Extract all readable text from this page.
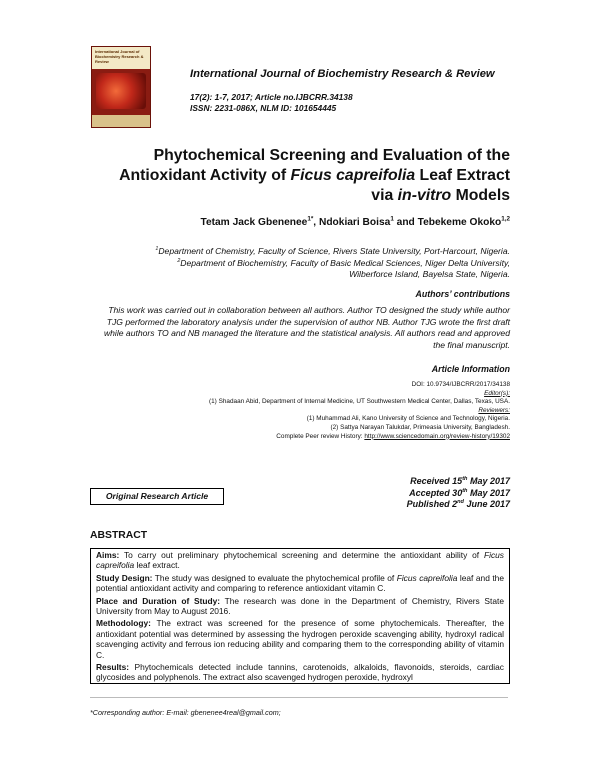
International Journal of Biochemistry Research & Review
International Journal of Biochemistry Research & Review
17(2): 1-7, 2017; Article no.IJBCRR.34138
ISSN: 2231-086X, NLM ID: 101654445
Phytochemical Screening and Evaluation of the
Antioxidant Activity of Ficus capreifolia Leaf Extract
via in-vitro Models
Tetam Jack Gbenenee$^{1*}$, Ndokiari Boisa$^1$ and Tebekeme Okoko$^{1,2}$
$^1$Department of Chemistry, Faculty of Science, Rivers State University, Port-Harcourt, Nigeria.
$^2$Department of Biochemistry, Faculty of Basic Medical Sciences, Niger Delta University,
Wilberforce Island, Bayelsa State, Nigeria.
Authors’ contributions
This work was carried out in collaboration between all authors. Author TO designed the study while author TJG performed the laboratory analysis under the supervision of author NB. Author TJG wrote the first draft while authors TO and NB managed the literature and the statistical analysis. All authors read and approved the final manuscript.
Article Information
DOI: 10.9734/IJBCRR/2017/34138
Editor(s):
(1) Shadaan Abid, Department of Internal Medicine, UT Southwestern Medical Center, Dallas, Texas, USA.
Reviewers:
(1) Muhammad Ali, Kano University of Science and Technology, Nigeria.
(2) Sattya Narayan Talukdar, Primeasia University, Bangladesh.
Complete Peer review History: http://www.sciencedomain.org/review-history/19302
Received 15th May 2017
Accepted 30th May 2017
Published 2nd June 2017
Original Research Article
ABSTRACT

Aims: To carry out preliminary phytochemical screening and determine the antioxidant ability of Ficus capreifolia leaf extract.

Study Design: The study was designed to evaluate the phytochemical profile of Ficus capreifolia leaf and the potential antioxidant activity and comparing to reference antioxidant vitamin C.

Place and Duration of Study: The research was done in the Department of Chemistry, Rivers State University from May to August 2016.

Methodology: The extract was screened for the presence of some phytochemicals. Thereafter, the antioxidant potential was determined by assessing the hydrogen peroxide scavenging ability, hydroxyl radical scavenging activity and ferrous ion reducing ability and comparing them to the corresponding ability of vitamin C.

Results: Phytochemicals detected include tannins, carotenoids, alkaloids, flavonoids, steroids, cardiac glycosides and polyphenols. The extract also scavenged hydrogen peroxide, hydroxyl

*Corresponding author: E-mail: gbenenee4real@gmail.com;
